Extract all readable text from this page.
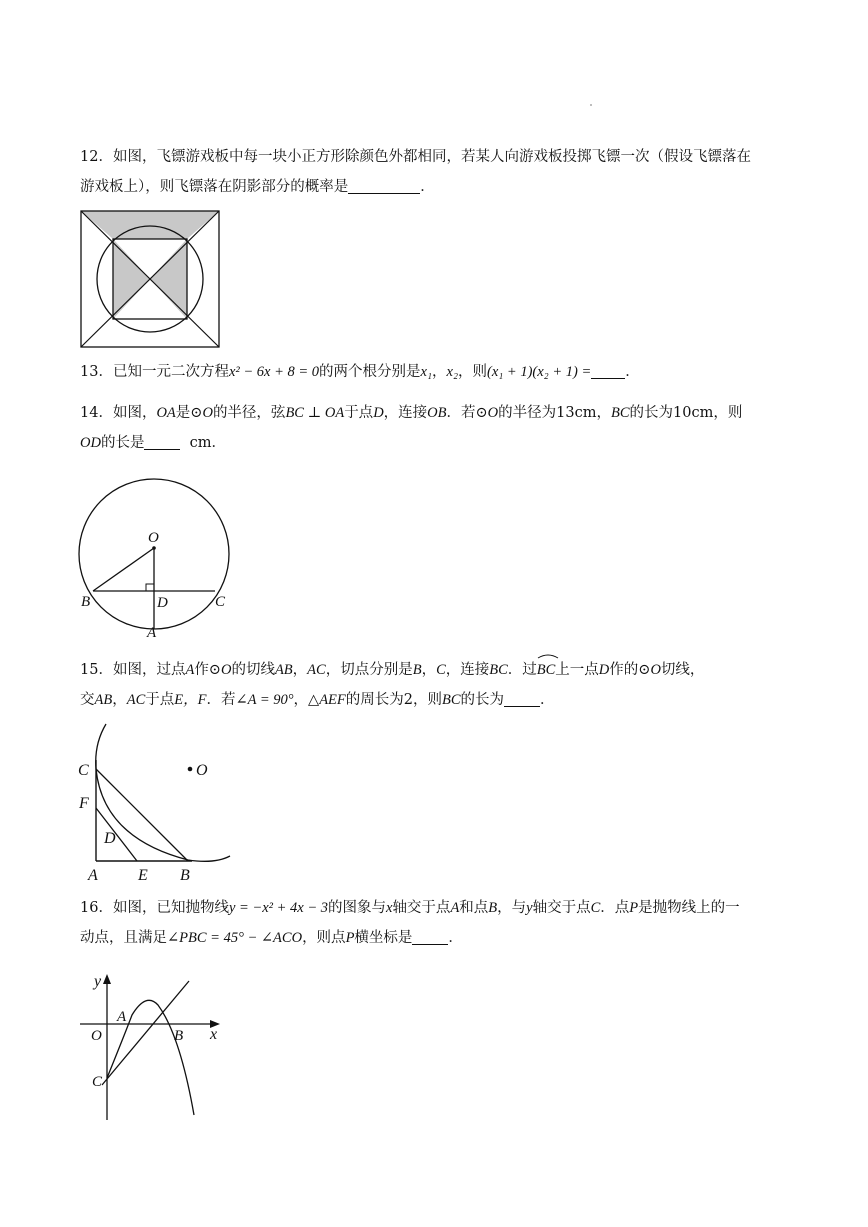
12．如图，飞镖游戏板中每一块小正方形除颜色外都相同，若某人向游戏板投掷飞镖一次（假设飞镖落在

游戏板上），则飞镖落在阴影部分的概率是	．

13．已知一元二次方程x² − 6x + 8 = 0的两个根分别是x₁，x₂，则(x₁ + 1)(x₂ + 1) = ．

14．如图，OA是⊙O的半径，弦BC ⊥ OA于点D，连接OB．若⊙O的半径为13cm，BC的长为10cm，则

OD的长是	cm．

O
B	D	C
A

15．如图，过点A作⊙O的切线AB，AC，切点分别是B，C，连接BC．过
BC上一点D作的⊙O切线，

交AB，AC于点E，F．若∠A = 90°，△AEF的周长为2，则BC的长为 ．

C	O
F
D
A	E B

16．如图，已知抛物线y = −x² + 4x − 3的图象与x轴交于点A和点B，与y轴交于点C．点P是抛物线上的一

动点，且满足∠PBC = 45° − ∠ACO，则点P横坐标是 ．

y
A
O	B x
C
